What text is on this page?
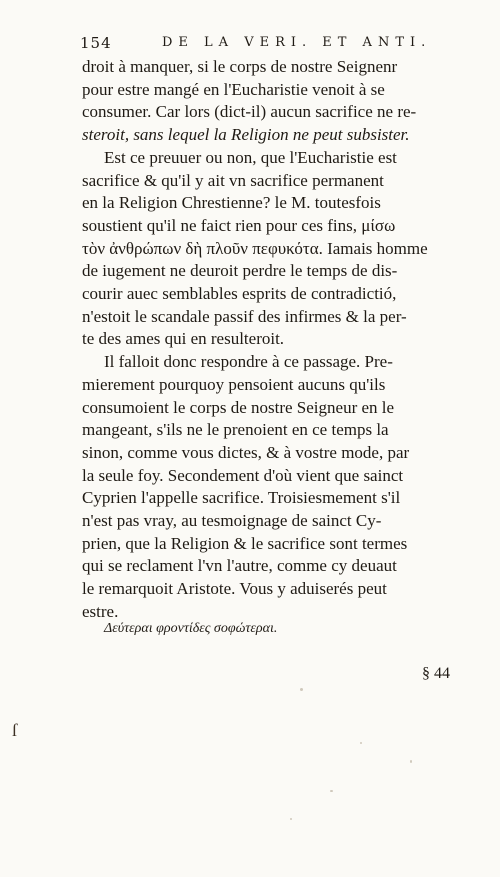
154	DE LA VERI. ET ANTI.
droit à manquer, si le corps de nostre Seignenr
pour estre mangé en l'Eucharistie venoit à se
consumer. Car lors (dict-il) aucun sacrifice ne re-
steroit, sans lequel la Religion ne peut subsister.
Est ce preuuer ou non, que l'Eucharistie est
sacrifice & qu'il y ait vn sacrifice permanent
en la Religion Chrestienne? le M. toutesfois
soustient qu'il ne faict rien pour ces fins, μίσω
τὸν ἀνθρώπων δὴ πλοῦν πεφυκότα. Iamais homme
de iugement ne deuroit perdre le temps de dis-
courir auec semblables esprits de contradictió,
n'estoit le scandale passif des infirmes & la per-
te des ames qui en resulteroit.
Il falloit donc respondre à ce passage. Pre-
mierement pourquoy pensoient aucuns qu'ils
consumoient le corps de nostre Seigneur en le
mangeant, s'ils ne le prenoient en ce temps la
sinon, comme vous dictes, & à vostre mode, par
la seule foy. Secondement d'où vient que sainct
Cyprien l'appelle sacrifice. Troisiesmement s'il
n'est pas vray, au tesmoignage de sainct Cy-
prien, que la Religion & le sacrifice sont termes
qui se reclament l'vn l'autre, comme cy deuaut
le remarquoit Aristote. Vous y aduiserés peut
estre.
Δεύτεραι φροντίδες σοφώτεραι.
§ 44
ſ
